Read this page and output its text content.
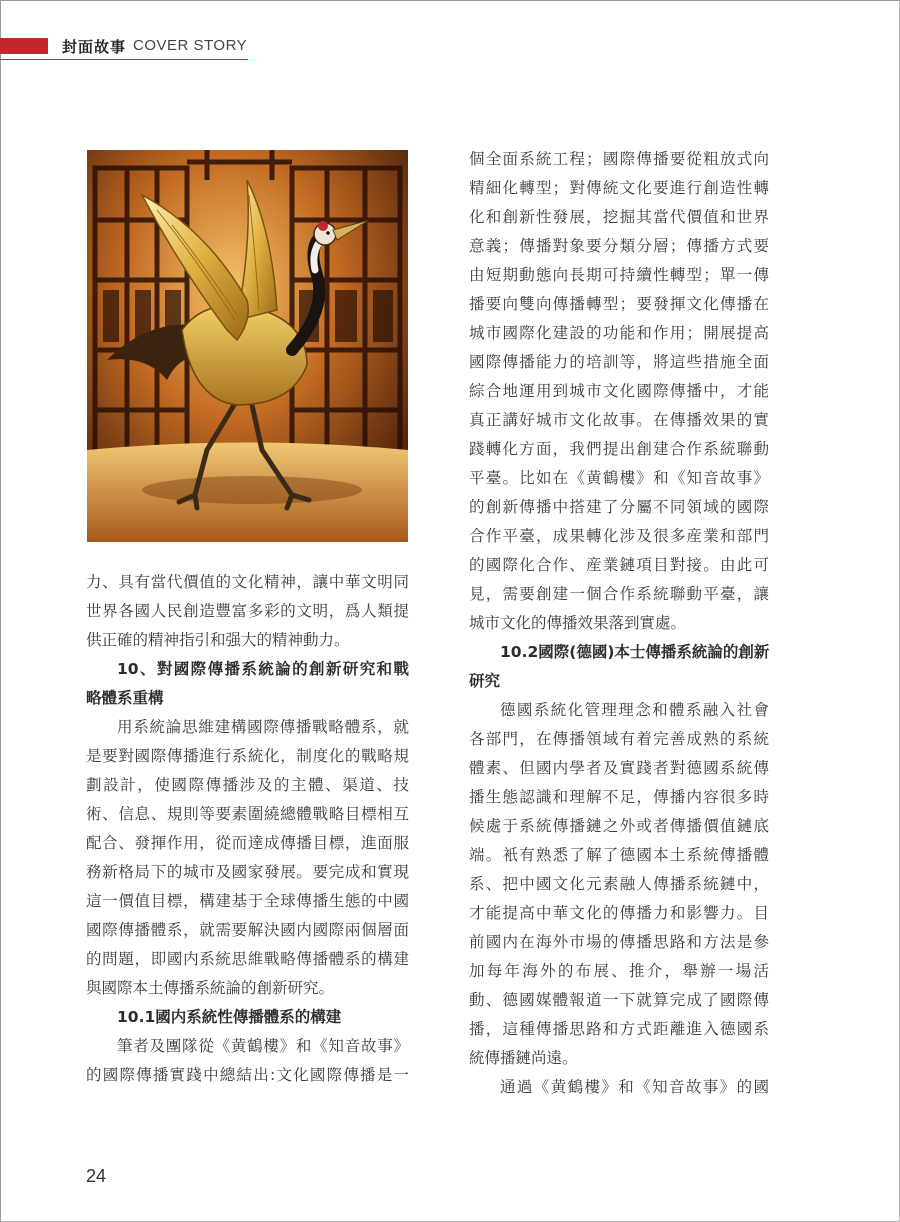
封面故事 COVER STORY
力、具有當代價值的文化精神，讓中華文明同
世界各國人民創造豐富多彩的文明，爲人類提
供正確的精神指引和强大的精神動力。
10、對國際傳播系統論的創新研究和戰
略體系重構
用系統論思維建構國際傳播戰略體系，就
是要對國際傳播進行系統化，制度化的戰略規
劃設計，使國際傳播涉及的主體、渠道、技
術、信息、規則等要素圍繞總體戰略目標相互
配合、發揮作用，從而達成傳播目標，進面服
務新格局下的城市及國家發展。要完成和實現
這一價值目標，構建基于全球傳播生態的中國
國際傳播體系，就需要解決國内國際兩個層面
的問題，即國内系統思維戰略傳播體系的構建
與國際本土傳播系統論的創新研究。
10.1國内系統性傳播體系的構建
筆者及團隊從《黄鶴樓》和《知音故事》
的國際傳播實踐中總結出:文化國際傳播是一
個全面系統工程；國際傳播要從粗放式向
精細化轉型；對傳統文化要進行創造性轉
化和創新性發展，挖掘其當代價值和世界
意義；傳播對象要分類分層；傳播方式要
由短期動態向長期可持續性轉型；單一傳
播要向雙向傳播轉型；要發揮文化傳播在
城市國際化建設的功能和作用；開展提高
國際傳播能力的培訓等，將這些措施全面
綜合地運用到城市文化國際傳播中，才能
真正講好城市文化故事。在傳播效果的實
踐轉化方面，我們提出創建合作系統聯動
平臺。比如在《黄鶴樓》和《知音故事》
的創新傳播中搭建了分屬不同領域的國際
合作平臺，成果轉化涉及很多産業和部門
的國際化合作、産業鏈項目對接。由此可
見，需要創建一個合作系統聯動平臺，讓
城市文化的傳播效果落到實處。
10.2國際(德國)本士傳播系統論的創新
研究
德國系統化管理理念和體系融入社會
各部門，在傳播領域有着完善成熟的系統
體素、但國内學者及實踐者對德國系統傳
播生態認識和理解不足，傳播内容很多時
候處于系統傳播鏈之外或者傳播價值鏈底
端。衹有熟悉了解了德國本土系統傳播體
系、把中國文化元素融人傳播系統鏈中，
才能提高中華文化的傳播力和影響力。目
前國内在海外市場的傳播思路和方法是參
加每年海外的布展、推介，舉辦一場活
動、德國媒體報道一下就算完成了國際傳
播，這種傳播思路和方式距離進入德國系
統傳播鏈尚遠。
通過《黄鶴樓》和《知音故事》的國
24
